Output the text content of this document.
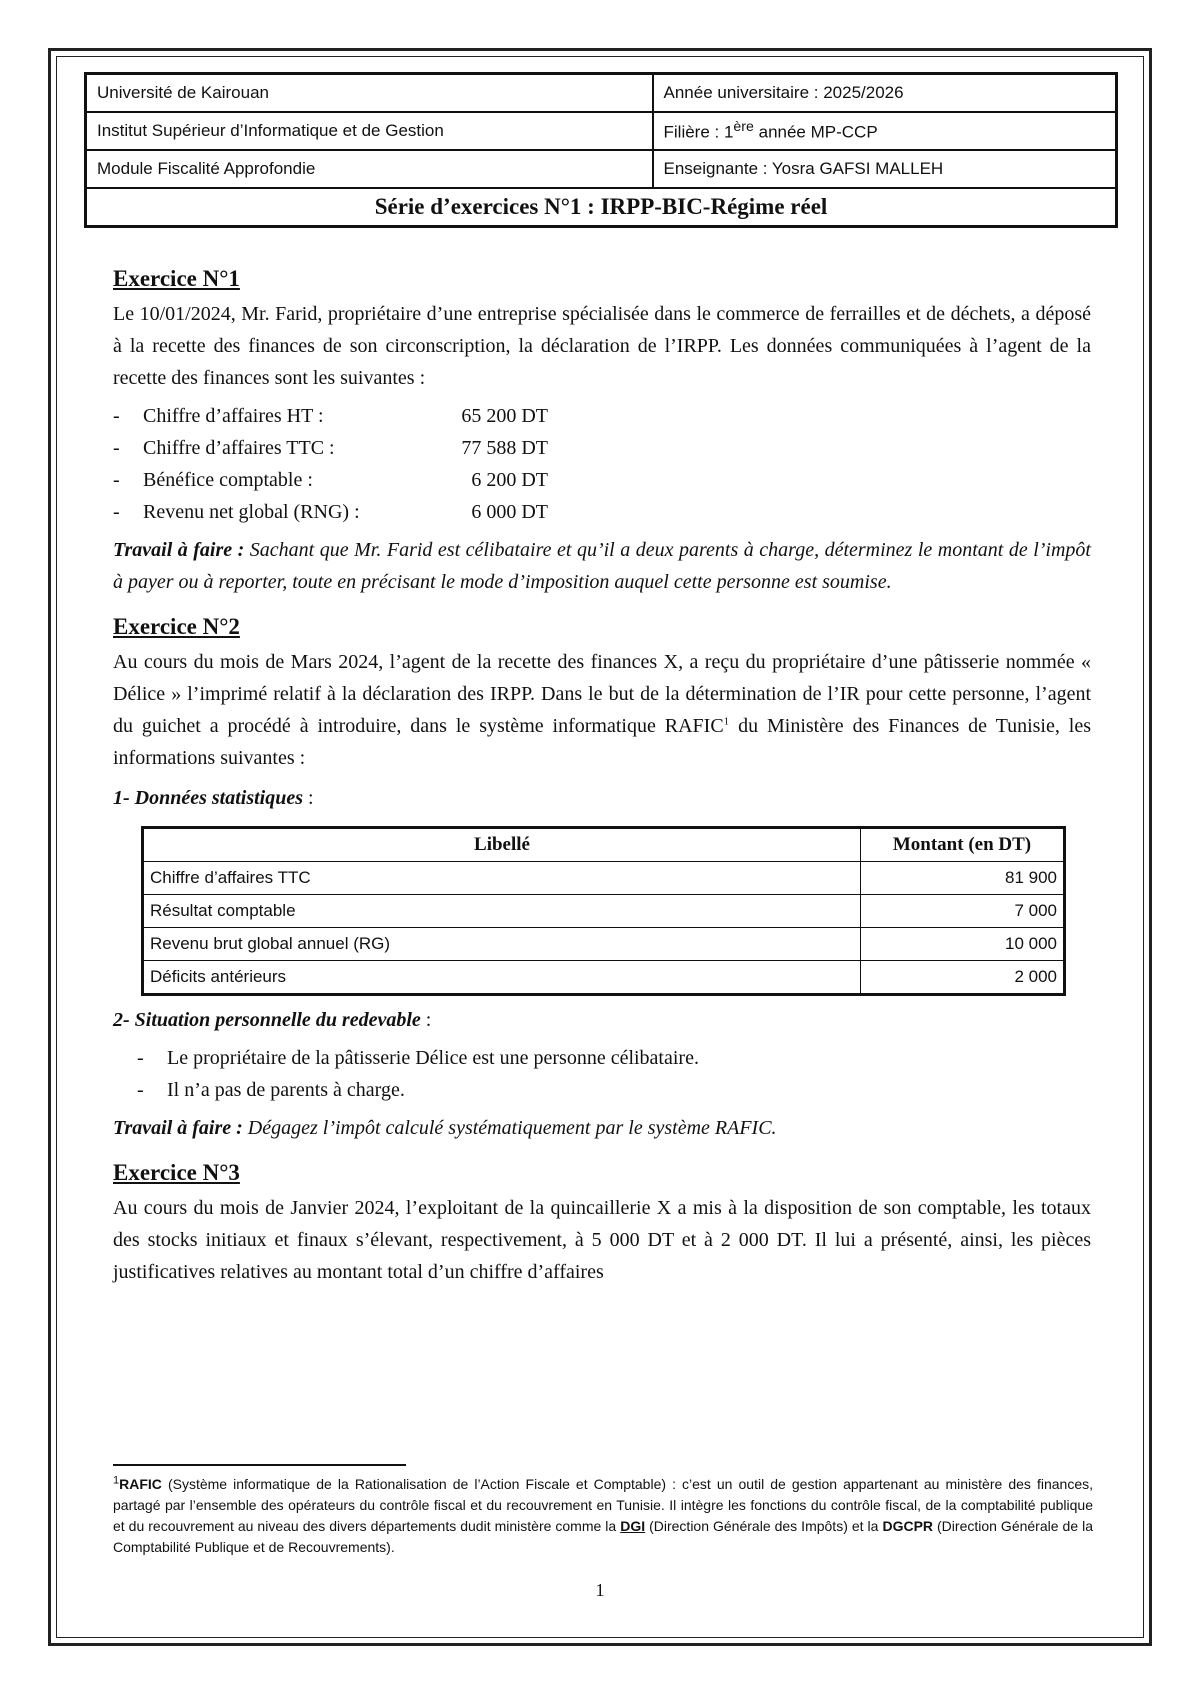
Université de Kairouan	Année universitaire : 2025/2026
Institut Supérieur d’Informatique et de Gestion	Filière : 1ère année MP-CCP
Module Fiscalité Approfondie	Enseignante : Yosra GAFSI MALLEH
Série d’exercices N°1 : IRPP-BIC-Régime réel	
Exercice N°1

Le 10/01/2024, Mr. Farid, propriétaire d’une entreprise spécialisée dans le commerce de ferrailles et de déchets, a déposé à la recette des finances de son circonscription, la déclaration de l’IRPP. Les données communiquées à l’agent de la recette des finances sont les suivantes :

- Chiffre d’affaires HT :	65 200 DT
- Chiffre d’affaires TTC :	77 588 DT
- Bénéfice comptable :	6 200 DT
- Revenu net global (RNG) :	6 000 DT

Travail à faire : Sachant que Mr. Farid est célibataire et qu’il a deux parents à charge, déterminez le montant de l’impôt à payer ou à reporter, toute en précisant le mode d’imposition auquel cette personne est soumise.

Exercice N°2

Au cours du mois de Mars 2024, l’agent de la recette des finances X, a reçu du propriétaire d’une pâtisserie nommée « Délice » l’imprimé relatif à la déclaration des IRPP. Dans le but de la détermination de l’IR pour cette personne, l’agent du guichet a procédé à introduire, dans le système informatique RAFIC$^1$ du Ministère des Finances de Tunisie, les informations suivantes :

1- Données statistiques :

Libellé	Montant (en DT)
Chiffre d’affaires TTC	81 900
Résultat comptable	7 000
Revenu brut global annuel (RG)	10 000
Déficits antérieurs	2 000

2- Situation personnelle du redevable :

- Le propriétaire de la pâtisserie Délice est une personne célibataire.
- Il n’a pas de parents à charge.

Travail à faire : Dégagez l’impôt calculé systématiquement par le système RAFIC.

Exercice N°3

Au cours du mois de Janvier 2024, l’exploitant de la quincaillerie X a mis à la disposition de son comptable, les totaux des stocks initiaux et finaux s’élevant, respectivement, à 5 000 DT et à 2 000 DT. Il lui a présenté, ainsi, les pièces justificatives relatives au montant total d’un chiffre d’affaires

$^1$RAFIC (Système informatique de la Rationalisation de l’Action Fiscale et Comptable) : c’est un outil de gestion appartenant au ministère des finances, partagé par l’ensemble des opérateurs du contrôle fiscal et du recouvrement en Tunisie. Il intègre les fonctions du contrôle fiscal, de la comptabilité publique et du recouvrement au niveau des divers départements dudit ministère comme la DGI (Direction Générale des Impôts) et la DGCPR (Direction Générale de la Comptabilité Publique et de Recouvrements).
1
